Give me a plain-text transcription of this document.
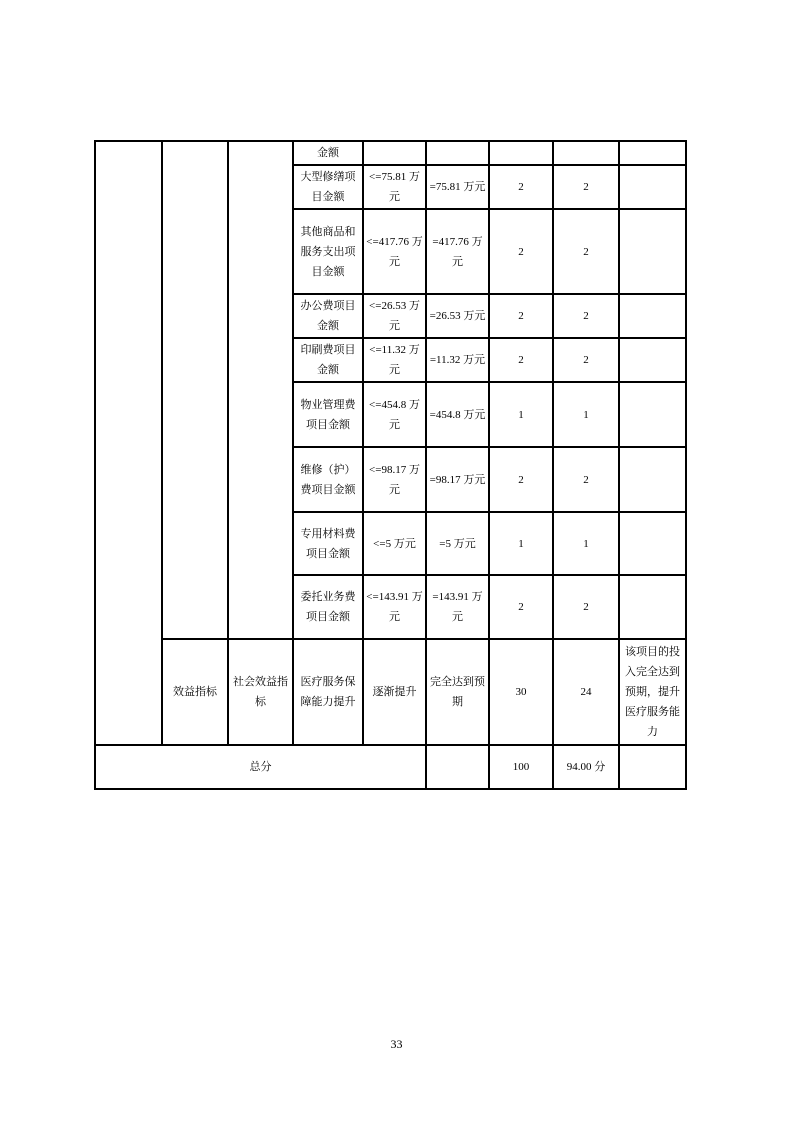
			金额					
			大型修缮项目金额	<=75.81 万元	=75.81 万元	2	2	
			其他商品和服务支出项目金额	<=417.76 万元	=417.76 万元	2	2	
			办公费项目金额	<=26.53 万元	=26.53 万元	2	2	
			印刷费项目金额	<=11.32 万元	=11.32 万元	2	2	
			物业管理费项目金额	<=454.8 万元	=454.8 万元	1	1	
			维修（护）费项目金额	<=98.17 万元	=98.17 万元	2	2	
			专用材料费项目金额	<=5 万元	=5 万元	1	1	
			委托业务费项目金额	<=143.91 万元	=143.91 万元	2	2	
	效益指标	社会效益指标	医疗服务保障能力提升	逐渐提升	完全达到预期	30	24	该项目的投入完全达到预期，提升医疗服务能力
总分						100	94.00 分	
33
